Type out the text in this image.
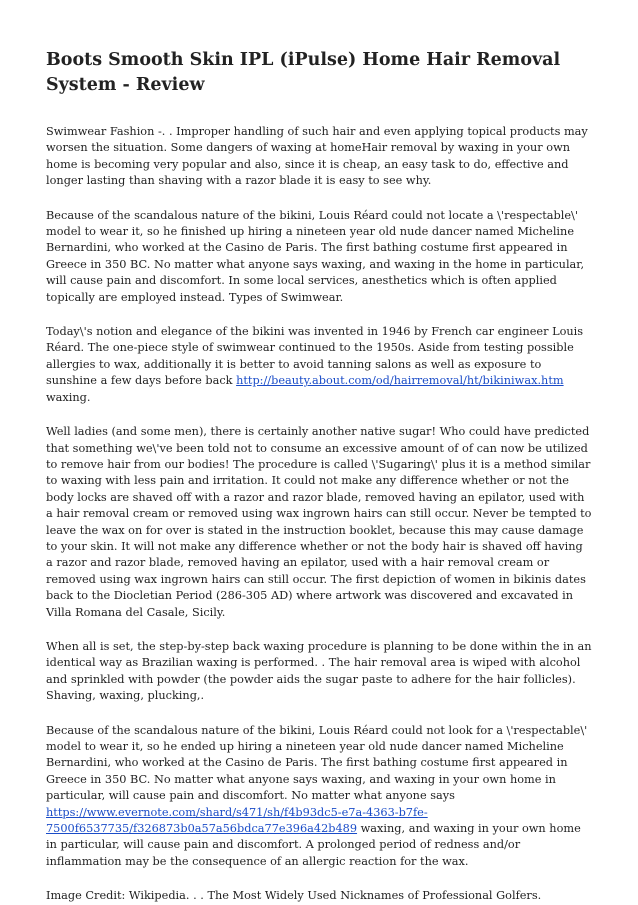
Boots Smooth Skin IPL (iPulse) Home Hair Removal System - Review

Swimwear Fashion -. . Improper handling of such hair and even applying topical products may worsen the situation. Some dangers of waxing at homeHair removal by waxing in your own home is becoming very popular and also, since it is cheap, an easy task to do, effective and longer lasting than shaving with a razor blade it is easy to see why.

Because of the scandalous nature of the bikini, Louis Réard could not locate a \'respectable\' model to wear it, so he finished up hiring a nineteen year old nude dancer named Micheline Bernardini, who worked at the Casino de Paris. The first bathing costume first appeared in Greece in 350 BC. No matter what anyone says waxing, and waxing in the home in particular, will cause pain and discomfort. In some local services, anesthetics which is often applied topically are employed instead. Types of Swimwear.

Today\'s notion and elegance of the bikini was invented in 1946 by French car engineer Louis Réard. The one-piece style of swimwear continued to the 1950s. Aside from testing possible allergies to wax, additionally it is better to avoid tanning salons as well as exposure to sunshine a few days before back http://beauty.about.com/od/hairremoval/ht/bikiniwax.htm waxing.

Well ladies (and some men), there is certainly another native sugar! Who could have predicted that something we\'ve been told not to consume an excessive amount of of can now be utilized to remove hair from our bodies! The procedure is called \'Sugaring\' plus it is a method similar to waxing with less pain and irritation. It could not make any difference whether or not the body locks are shaved off with a razor and razor blade, removed having an epilator, used with a hair removal cream or removed using wax ingrown hairs can still occur. Never be tempted to leave the wax on for over is stated in the instruction booklet, because this may cause damage to your skin. It will not make any difference whether or not the body hair is shaved off having a razor and razor blade, removed having an epilator, used with a hair removal cream or removed using wax ingrown hairs can still occur. The first depiction of women in bikinis dates back to the Diocletian Period (286-305 AD) where artwork was discovered and excavated in Villa Romana del Casale, Sicily.

When all is set, the step-by-step back waxing procedure is planning to be done within the in an identical way as Brazilian waxing is performed. . The hair removal area is wiped with alcohol and sprinkled with powder (the powder aids the sugar paste to adhere for the hair follicles). Shaving, waxing, plucking,.

Because of the scandalous nature of the bikini, Louis Réard could not look for a \'respectable\' model to wear it, so he ended up hiring a nineteen year old nude dancer named Micheline Bernardini, who worked at the Casino de Paris. The first bathing costume first appeared in Greece in 350 BC. No matter what anyone says waxing, and waxing in your own home in particular, will cause pain and discomfort. No matter what anyone says https://www.evernote.com/shard/s471/sh/f4b93dc5-e7a-4363-b7fe-7500f6537735/f326873b0a57a56bdca77e396a42b489 waxing, and waxing in your own home in particular, will cause pain and discomfort. A prolonged period of redness and/or inflammation may be the consequence of an allergic reaction for the wax.

Image Credit: Wikipedia. . . The Most Widely Used Nicknames of Professional Golfers.
